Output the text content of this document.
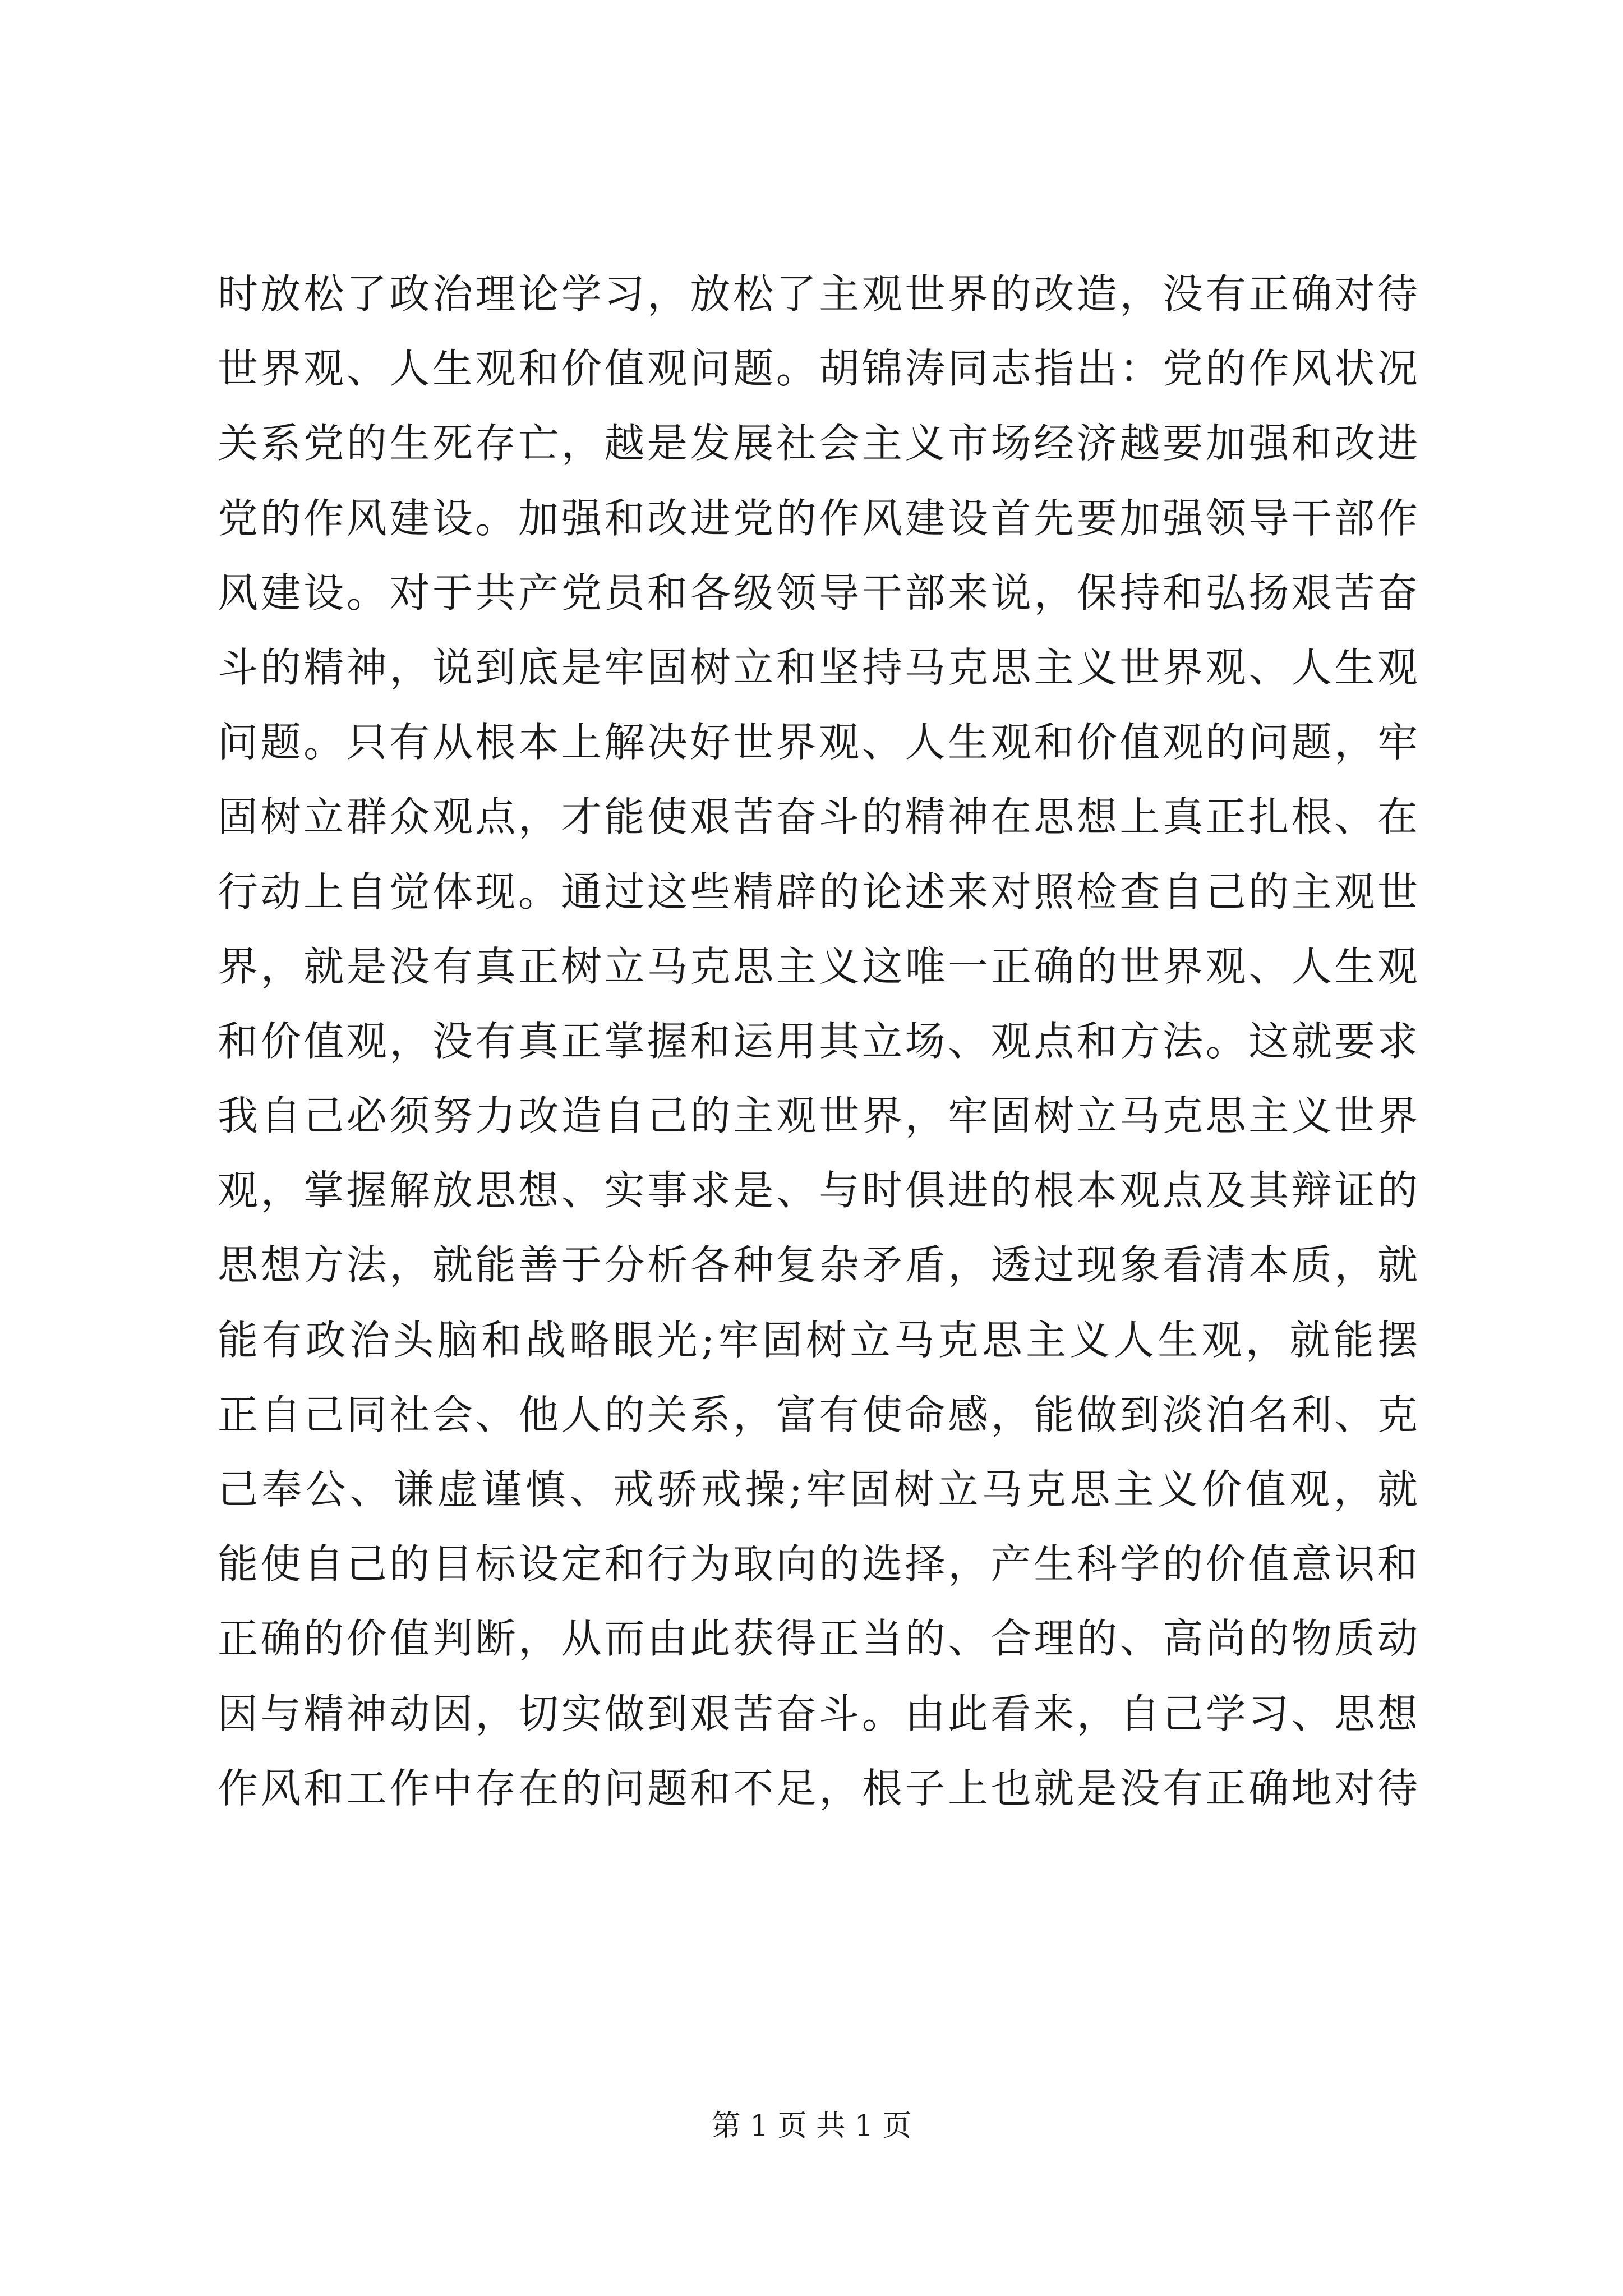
时放松了政治理论学习，放松了主观世界的改造，没有正确对待
世界观、人生观和价值观问题。胡锦涛同志指出：党的作风状况
关系党的生死存亡，越是发展社会主义市场经济越要加强和改进
党的作风建设。加强和改进党的作风建设首先要加强领导干部作
风建设。对于共产党员和各级领导干部来说，保持和弘扬艰苦奋
斗的精神，说到底是牢固树立和坚持马克思主义世界观、人生观
问题。只有从根本上解决好世界观、人生观和价值观的问题，牢
固树立群众观点，才能使艰苦奋斗的精神在思想上真正扎根、在
行动上自觉体现。通过这些精辟的论述来对照检查自己的主观世
界，就是没有真正树立马克思主义这唯一正确的世界观、人生观
和价值观，没有真正掌握和运用其立场、观点和方法。这就要求
我自己必须努力改造自己的主观世界，牢固树立马克思主义世界
观，掌握解放思想、实事求是、与时俱进的根本观点及其辩证的
思想方法，就能善于分析各种复杂矛盾，透过现象看清本质，就
能有政治头脑和战略眼光;牢固树立马克思主义人生观，就能摆
正自己同社会、他人的关系，富有使命感，能做到淡泊名利、克
己奉公、谦虚谨慎、戒骄戒操;牢固树立马克思主义价值观，就
能使自己的目标设定和行为取向的选择，产生科学的价值意识和
正确的价值判断，从而由此获得正当的、合理的、高尚的物质动
因与精神动因，切实做到艰苦奋斗。由此看来，自己学习、思想
作风和工作中存在的问题和不足，根子上也就是没有正确地对待
第 1 页 共 1 页
